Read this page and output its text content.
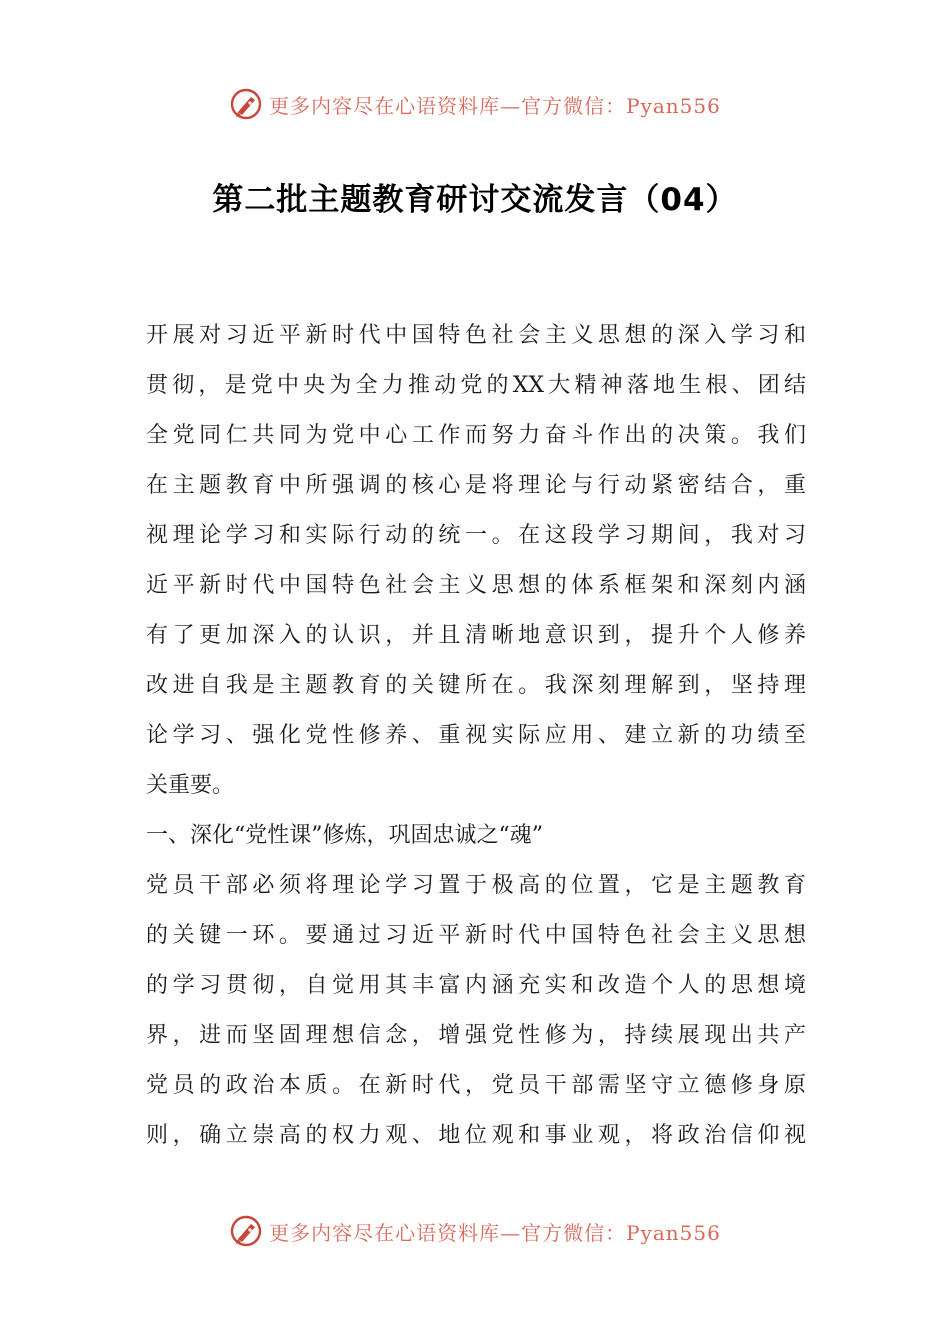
更多内容尽在心语资料库—官方微信：Pyan556
第二批主题教育研讨交流发言（04）
开展对习近平新时代中国特色社会主义思想的深入学习和
贯彻，是党中央为全力推动党的XX大精神落地生根、团结
全党同仁共同为党中心工作而努力奋斗作出的决策。我们
在主题教育中所强调的核心是将理论与行动紧密结合，重
视理论学习和实际行动的统一。在这段学习期间，我对习
近平新时代中国特色社会主义思想的体系框架和深刻内涵
有了更加深入的认识，并且清晰地意识到，提升个人修养
改进自我是主题教育的关键所在。我深刻理解到，坚持理
论学习、强化党性修养、重视实际应用、建立新的功绩至
关重要。
一、深化“党性课”修炼，巩固忠诚之“魂”
党员干部必须将理论学习置于极高的位置，它是主题教育
的关键一环。要通过习近平新时代中国特色社会主义思想
的学习贯彻，自觉用其丰富内涵充实和改造个人的思想境
界，进而坚固理想信念，增强党性修为，持续展现出共产
党员的政治本质。在新时代，党员干部需坚守立德修身原
则，确立崇高的权力观、地位观和事业观，将政治信仰视
更多内容尽在心语资料库—官方微信：Pyan556
